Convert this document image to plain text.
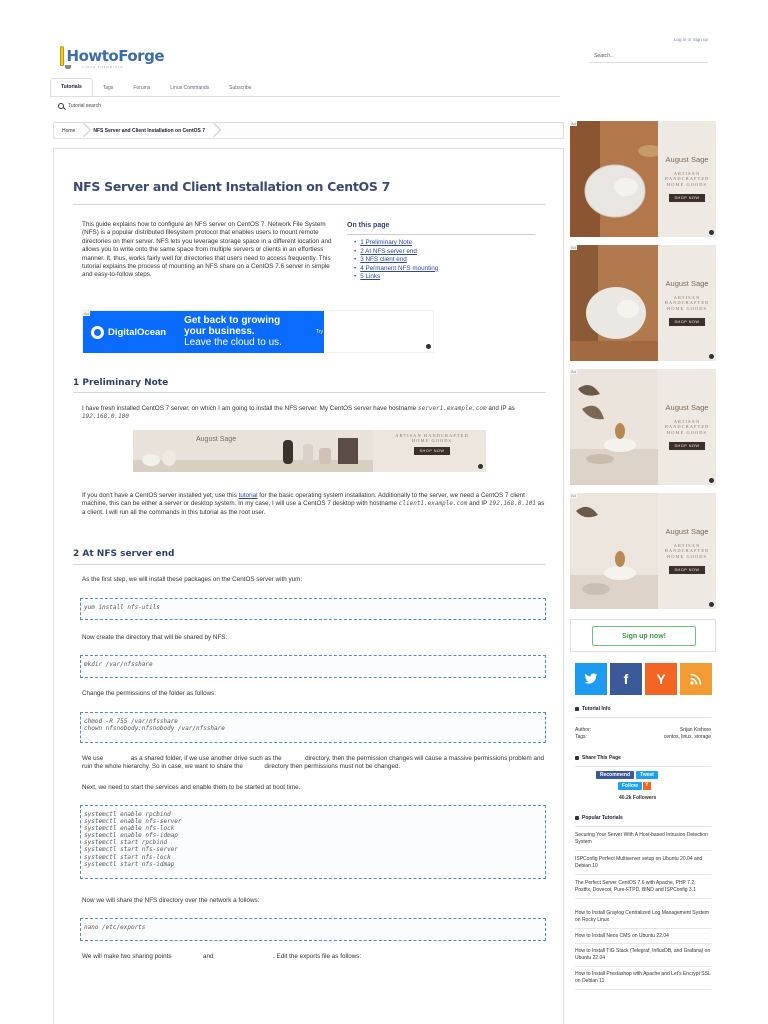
HowtoForge
LINUX TUTORIALS
Log in or Sign up
Search...
Tutorials	Tags	Forums	Linux Commands	Subscribe
Tutorial search
Home	NFS Server and Client Installation on CentOS 7
NFS Server and Client Installation on CentOS 7
This guide explains how to configure an NFS server on CentOS 7. Network File System (NFS) is a popular distributed filesystem protocol that enables users to mount remote directories on their server. NFS lets you leverage storage space in a different location and allows you to write onto the same space from multiple servers or clients in an effortless manner. It, thus, works fairly well for directories that users need to access frequently. This tutorial explains the process of mounting an NFS share on a CentOS 7.6 server in simple and easy-to-follow steps.
On this page
• 1 Preliminary Note
• 2 At NFS server end
• 3 NFS client end
• 4 Permanent NFS mounting
• 5 Links
Ad
DigitalOcean
Get back to growing
your business.
Leave the cloud to us.
Try
1 Preliminary Note
I have fresh installed CentOS 7 server, on which I am going to install the NFS server. My CentOS server have hostname server1.example.com and IP as 192.168.0.100
August Sage
ARTISAN HANDCRAFTED HOME GOODS
SHOP NOW
If you don't have a CentOS server installed yet, use this tutorial for the basic operating system installation. Additionally to the server, we need a CentOS 7 client machine, this can be either a server or desktop system. In my case, I will use a CentOS 7 desktop with hostname client1.example.com and IP 192.168.0.101 as a client. I will run all the commands in this tutorial as the root user.
2 At NFS server end
As the first step, we will install these packages on the CentOS server with yum:
yum install nfs-utils
Now create the directory that will be shared by NFS:
mkdir /var/nfsshare
Change the permissions of the folder as follows:
chmod -R 755 /var/nfsshare
chown nfsnobody:nfsnobody /var/nfsshare
We use	as a shared folder, if we use another drive such as the	directory, then the permission changes will cause a massive permissions problem and ruin the whole hierarchy. So in case, we want to share the	directory then permissions must not be changed.
Next, we need to start the services and enable them to be started at boot time.
systemctl enable rpcbind
systemctl enable nfs-server
systemctl enable nfs-lock
systemctl enable nfs-idmap
systemctl start rpcbind
systemctl start nfs-server
systemctl start nfs-lock
systemctl start nfs-idmap
Now we will share the NFS directory over the network a follows:
nano /etc/exports
We will make two sharing points	and	. Edit the exports file as follows:
Ad
August Sage
ARTISAN HANDCRAFTED HOME GOODS
SHOP NOW
Ad
August Sage
ARTISAN HANDCRAFTED HOME GOODS
SHOP NOW
Ad
August Sage
ARTISAN HANDCRAFTED HOME GOODS
SHOP NOW
Ad
August Sage
ARTISAN HANDCRAFTED HOME GOODS
SHOP NOW
Sign up now!
f Y
Tutorial Info
Author:	Srijan Kishore
Tags:	centos, linux, storage
Share This Page
Recommend	Tweet
Follow	Y
40.2k Followers
Popular Tutorials
Securing Your Server With A Host-based Intrusion Detection System
ISPConfig Perfect Multiserver setup on Ubuntu 20.04 and Debian 10
The Perfect Server CentOS 7.6 with Apache, PHP 7.2, Postfix, Dovecot, Pure-FTPD, BIND and ISPConfig 3.1
How to Install Graylog Centralized Log Management System on Rocky Linux
How to Install Neos CMS on Ubuntu 22.04
How to Install TIG Stack (Telegraf, InfluxDB, and Grafana) on Ubuntu 22.04
How to Install Prestashop with Apache and Let's Encrypt SSL on Debian 11
